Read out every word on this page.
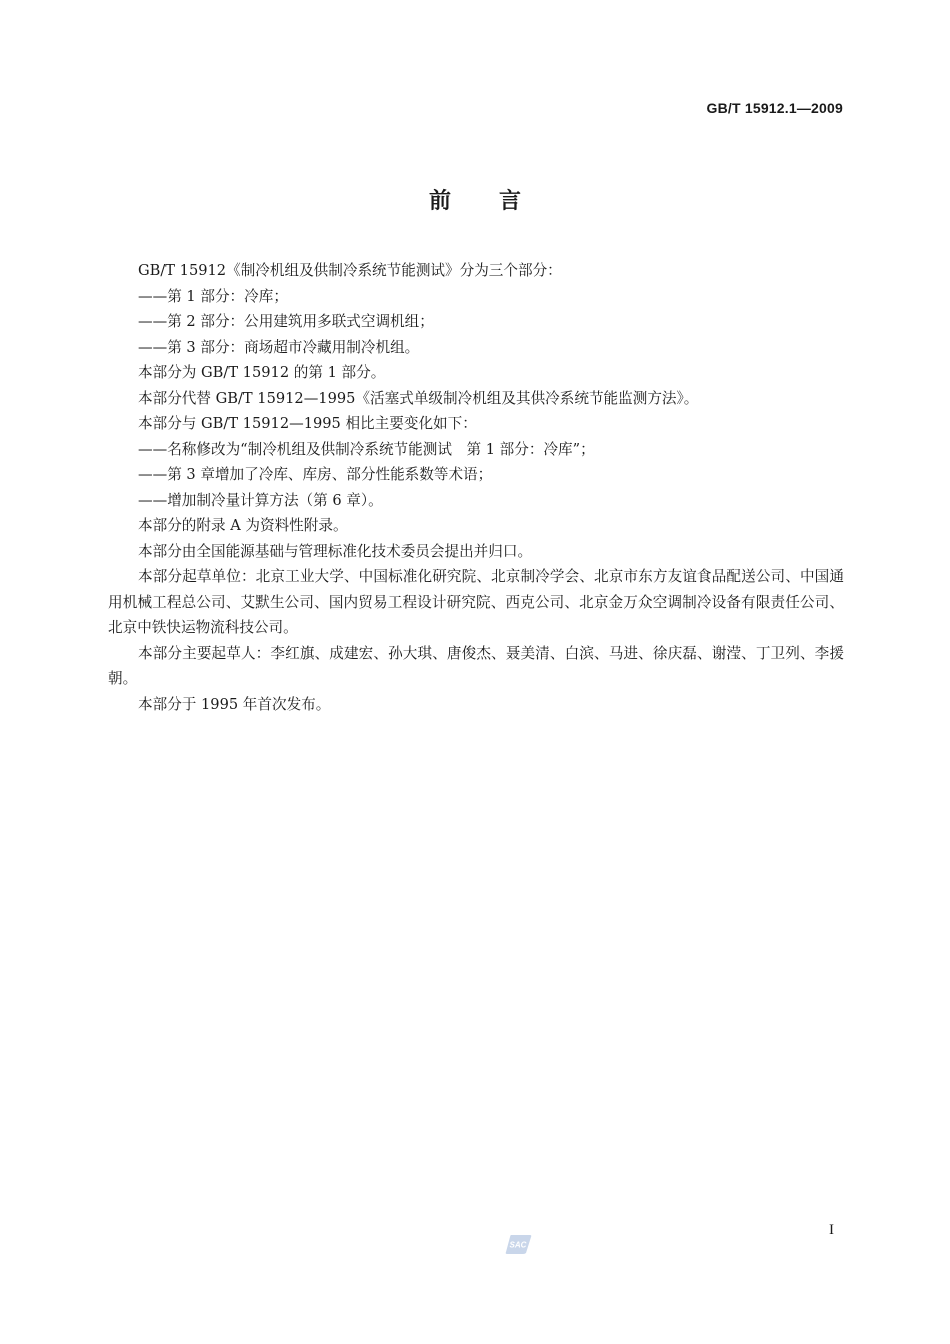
GB/T 15912.1—2009
前 言

GB/T 15912《制冷机组及供制冷系统节能测试》分为三个部分：

——第 1 部分：冷库；

——第 2 部分：公用建筑用多联式空调机组；

——第 3 部分：商场超市冷藏用制冷机组。

本部分为 GB/T 15912 的第 1 部分。

本部分代替 GB/T 15912—1995《活塞式单级制冷机组及其供冷系统节能监测方法》。

本部分与 GB/T 15912—1995 相比主要变化如下：

——名称修改为“制冷机组及供制冷系统节能测试　第 1 部分：冷库”；

——第 3 章增加了冷库、库房、部分性能系数等术语；

——增加制冷量计算方法（第 6 章）。

本部分的附录 A 为资料性附录。

本部分由全国能源基础与管理标准化技术委员会提出并归口。

本部分起草单位：北京工业大学、中国标准化研究院、北京制冷学会、北京市东方友谊食品配送公司、中国通用机械工程总公司、艾默生公司、国内贸易工程设计研究院、西克公司、北京金万众空调制冷设备有限责任公司、北京中铁快运物流科技公司。

本部分主要起草人：李红旗、成建宏、孙大琪、唐俊杰、聂美清、白滨、马进、徐庆磊、谢滢、丁卫列、李援朝。

本部分于 1995 年首次发布。

I
SAC
